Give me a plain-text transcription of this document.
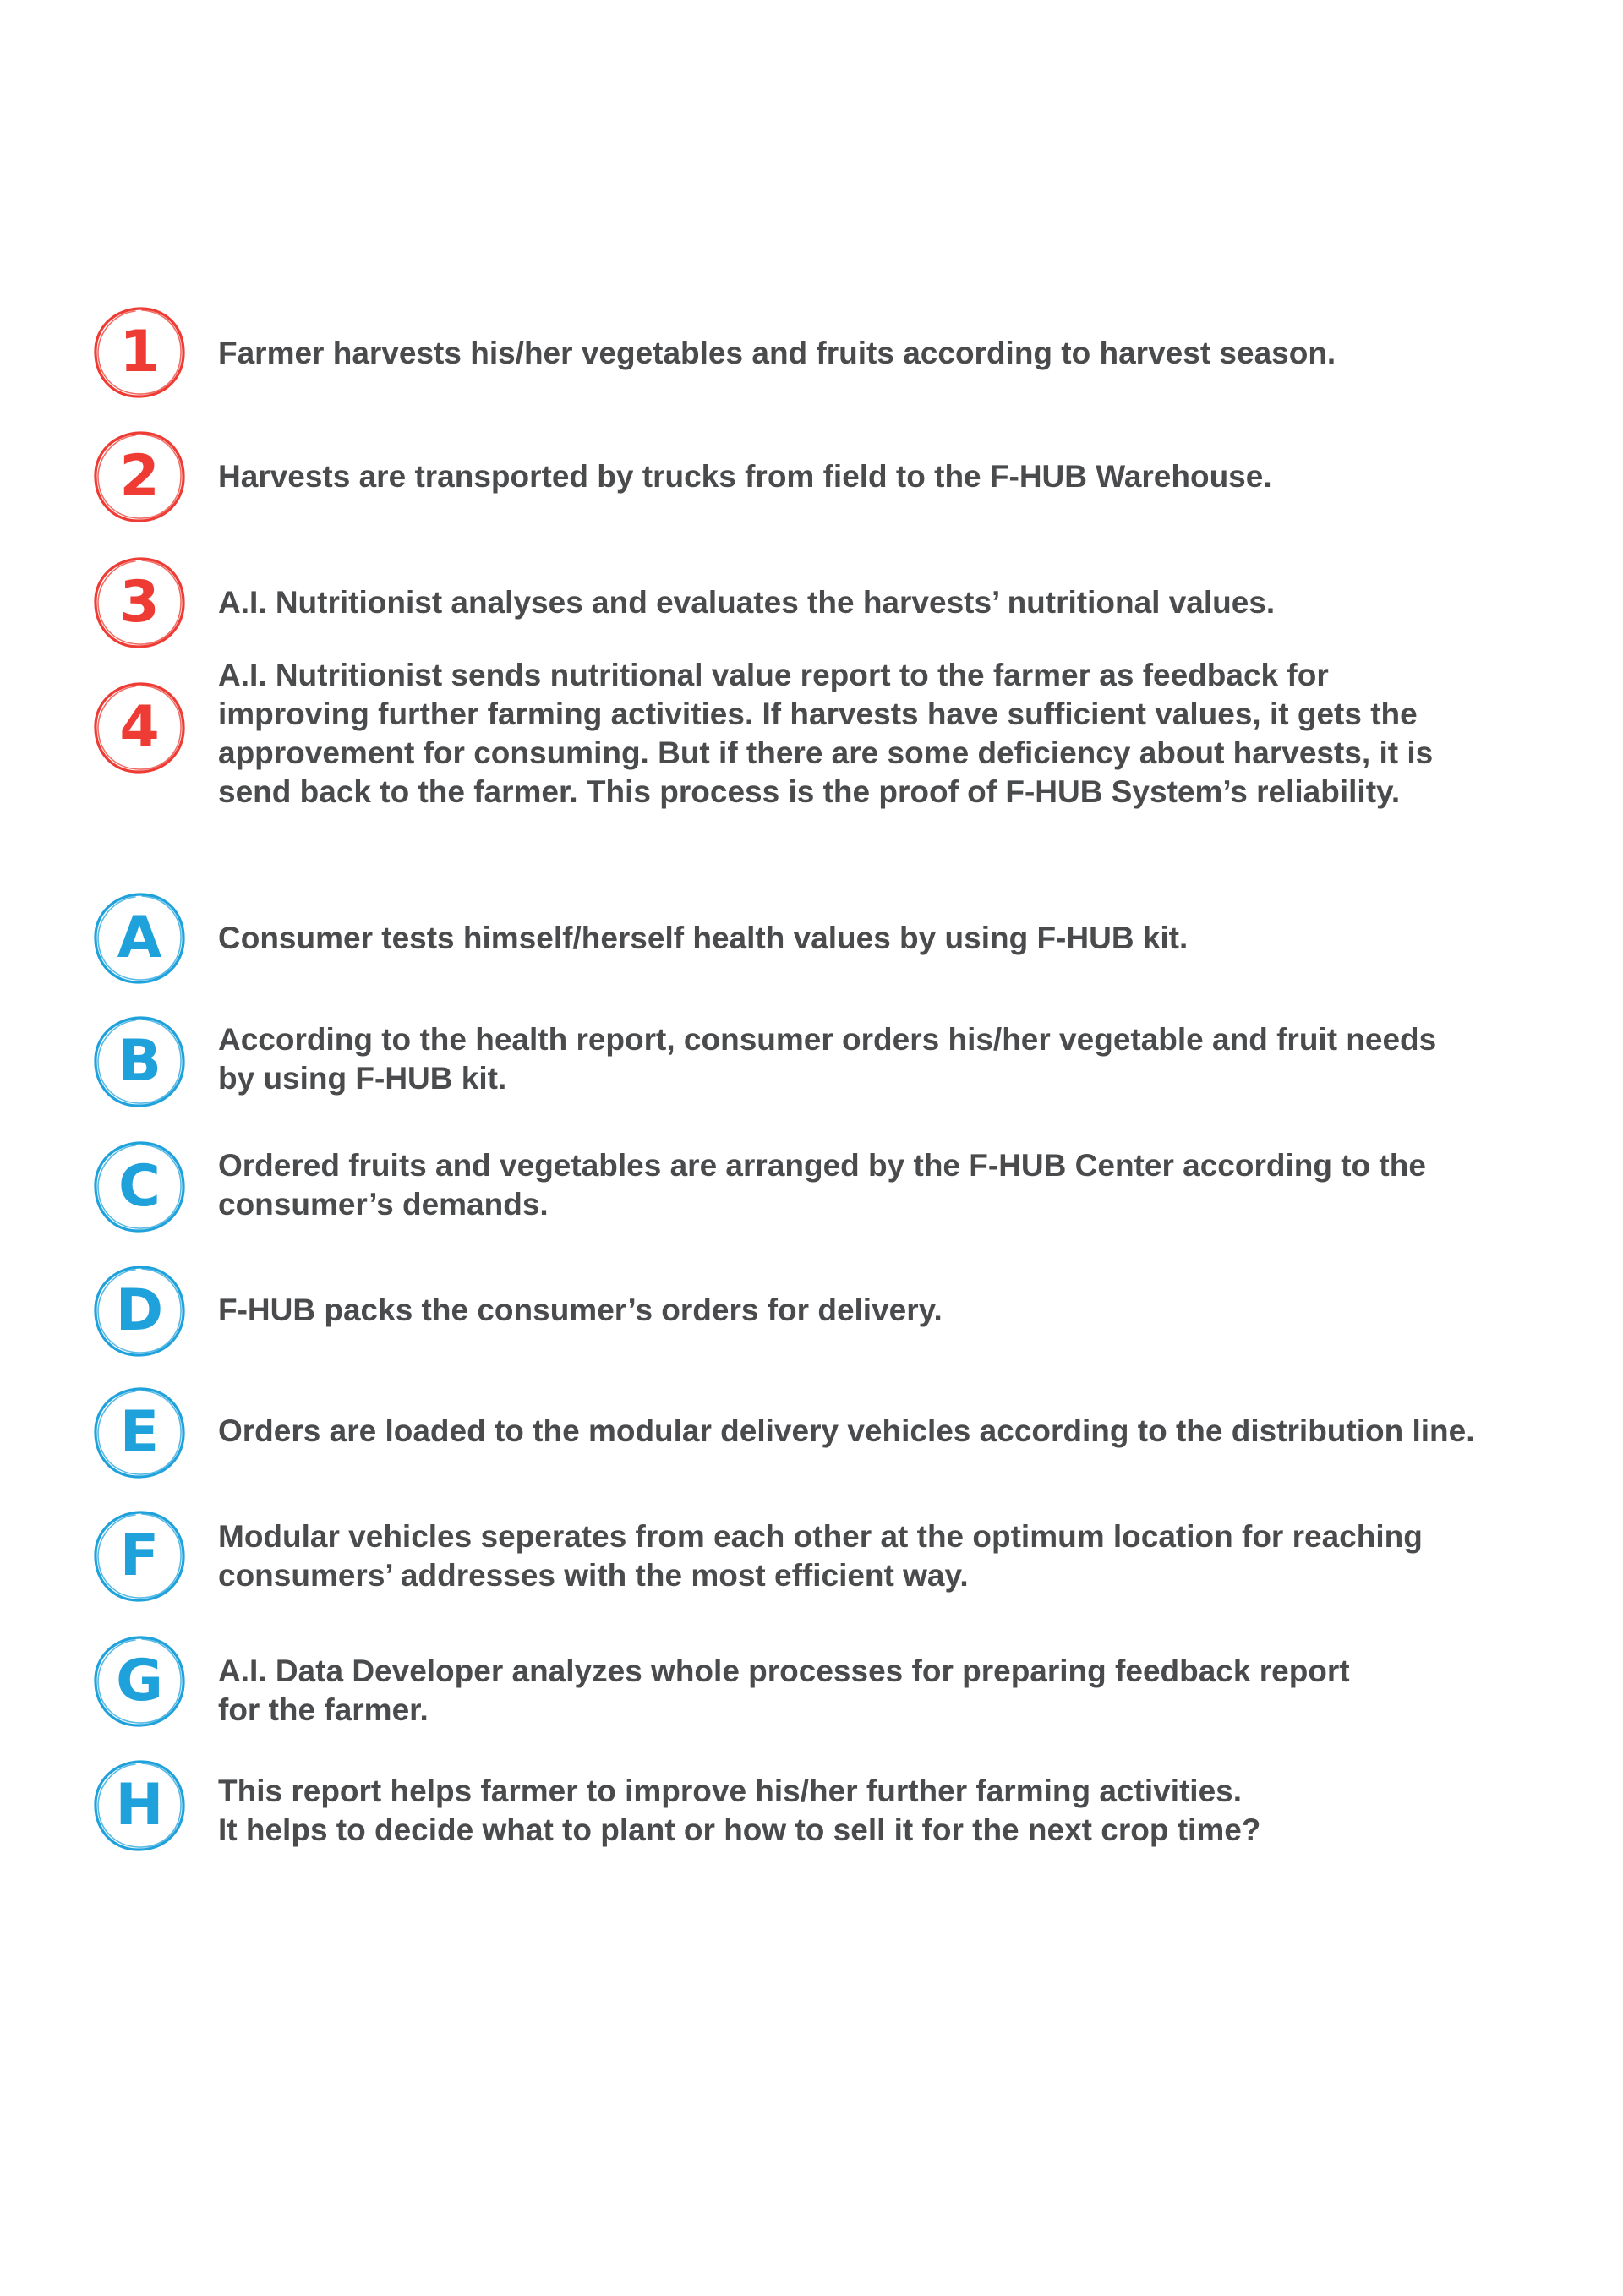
1 Farmer harvests his/her vegetables and fruits according to harvest season.
2 Harvests are transported by trucks from field to the F-HUB Warehouse.
3 A.I. Nutritionist analyses and evaluates the harvests’ nutritional values.
4
A.I. Nutritionist sends nutritional value report to the farmer as feedback for
improving further farming activities. If harvests have sufficient values, it gets the
approvement for consuming. But if there are some deficiency about harvests, it is
send back to the farmer. This process is the proof of F-HUB System’s reliability.
A Consumer tests himself/herself health values by using F-HUB kit.
B According to the health report, consumer orders his/her vegetable and fruit needs
by using F-HUB kit.
C Ordered fruits and vegetables are arranged by the F-HUB Center according to the
consumer’s demands.
D F-HUB packs the consumer’s orders for delivery.
E Orders are loaded to the modular delivery vehicles according to the distribution line.
F Modular vehicles seperates from each other at the optimum location for reaching
consumers’ addresses with the most efficient way.
G A.I. Data Developer analyzes whole processes for preparing feedback report
for the farmer.
H This report helps farmer to improve his/her further farming activities.
It helps to decide what to plant or how to sell it for the next crop time?
